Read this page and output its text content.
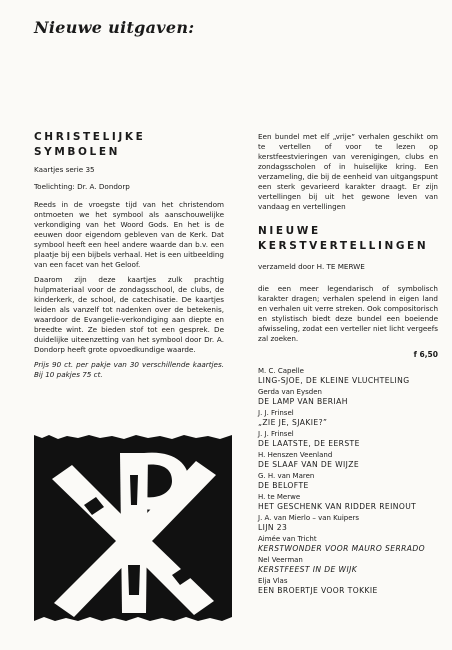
Nieuwe uitgaven:

CHRISTELIJKE

SYMBOLEN

Kaartjes serie 35

Toelichting: Dr. A. Dondorp

Reeds in de vroegste tijd van het christendom ontmoeten we het symbool als aanschouwelijke verkondiging van het Woord Gods. En het is de eeuwen door eigendom gebleven van de Kerk. Dat symbool heeft een heel andere waarde dan b.v. een plaatje bij een bijbels verhaal. Het is een uitbeelding van een facet van het Geloof.

Daarom zijn deze kaartjes zulk prachtig hulpmateriaal voor de zondagsschool, de clubs, de kinderkerk, de school, de catechisatie. De kaartjes leiden als vanzelf tot nadenken over de betekenis, waardoor de Evangelie-verkondiging aan diepte en breedte wint. Ze bieden stof tot een gesprek. De duidelijke uiteenzetting van het symbool door Dr. A. Dondorp heeft grote opvoedkundige waarde.

Prijs 90 ct. per pakje van 30 verschillende kaartjes. Bij 10 pakjes 75 ct.

Een bundel met elf „vrije” verhalen geschikt om te vertellen of voor te lezen op kerstfeestvieringen van verenigingen, clubs en zondagsscholen of in huiselijke kring. Een verzameling, die bij de eenheid van uitgangspunt een sterk gevarieerd karakter draagt. Er zijn vertellingen bij uit het gewone leven van vandaag en vertellingen

NIEUWE

KERSTVERTELLINGEN

verzameld door H. TE MERWE

die een meer legendarisch of symbolisch karakter dragen; verhalen spelend in eigen land en verhalen uit verre streken. Ook compositorisch en stylistisch biedt deze bundel een boeiende afwisseling, zodat een verteller niet licht vergeefs zal zoeken.

f 6,50

M. C. Capelle
LING-SJOE, DE KLEINE VLUCHTELING
Gerda van Eysden
DE LAMP VAN BERIAH
J. J. Frinsel
„ZIE JE, SJAKIE?”
J. J. Frinsel
DE LAATSTE, DE EERSTE
H. Henszen Veenland
DE SLAAF VAN DE WIJZE
G. H. van Maren
DE BELOFTE
H. te Merwe
HET GESCHENK VAN RIDDER REINOUT
J. A. van Mierlo – van Kuipers
LIJN 23
Aimée van Tricht
KERSTWONDER VOOR MAURO SERRADO
Nel Veerman
KERSTFEEST IN DE WIJK
Elja Vlas
EEN BROERTJE VOOR TOKKIE
